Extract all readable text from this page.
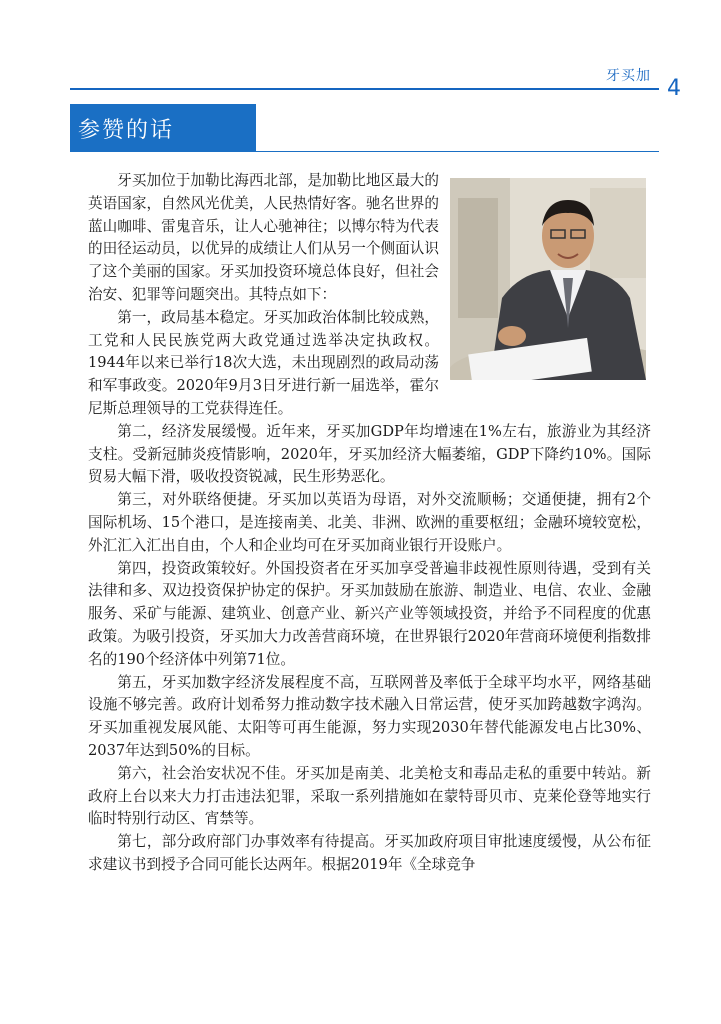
牙买加 4
参赞的话

牙买加位于加勒比海西北部，是加勒比地区最大的英语国家，自然风光优美，人民热情好客。驰名世界的蓝山咖啡、雷鬼音乐，让人心驰神往；以博尔特为代表的田径运动员，以优异的成绩让人们从另一个侧面认识了这个美丽的国家。牙买加投资环境总体良好，但社会治安、犯罪等问题突出。其特点如下：

第一，政局基本稳定。牙买加政治体制比较成熟，工党和人民民族党两大政党通过选举决定执政权。1944年以来已举行18次大选，未出现剧烈的政局动荡和军事政变。2020年9月3日牙进行新一届选举，霍尔尼斯总理领导的工党获得连任。

第二，经济发展缓慢。近年来，牙买加GDP年均增速在1%左右，旅游业为其经济支柱。受新冠肺炎疫情影响，2020年，牙买加经济大幅萎缩，GDP下降约10%。国际贸易大幅下滑，吸收投资锐减，民生形势恶化。

第三，对外联络便捷。牙买加以英语为母语，对外交流顺畅；交通便捷，拥有2个国际机场、15个港口，是连接南美、北美、非洲、欧洲的重要枢纽；金融环境较宽松，外汇汇入汇出自由，个人和企业均可在牙买加商业银行开设账户。

第四，投资政策较好。外国投资者在牙买加享受普遍非歧视性原则待遇，受到有关法律和多、双边投资保护协定的保护。牙买加鼓励在旅游、制造业、电信、农业、金融服务、采矿与能源、建筑业、创意产业、新兴产业等领域投资，并给予不同程度的优惠政策。为吸引投资，牙买加大力改善营商环境，在世界银行2020年营商环境便利指数排名的190个经济体中列第71位。

第五，牙买加数字经济发展程度不高，互联网普及率低于全球平均水平，网络基础设施不够完善。政府计划希努力推动数字技术融入日常运营，使牙买加跨越数字鸿沟。牙买加重视发展风能、太阳等可再生能源，努力实现2030年替代能源发电占比30%、2037年达到50%的目标。

第六，社会治安状况不佳。牙买加是南美、北美枪支和毒品走私的重要中转站。新政府上台以来大力打击违法犯罪，采取一系列措施如在蒙特哥贝市、克莱伦登等地实行临时特别行动区、宵禁等。

第七，部分政府部门办事效率有待提高。牙买加政府项目审批速度缓慢，从公布征求建议书到授予合同可能长达两年。根据2019年《全球竞争
